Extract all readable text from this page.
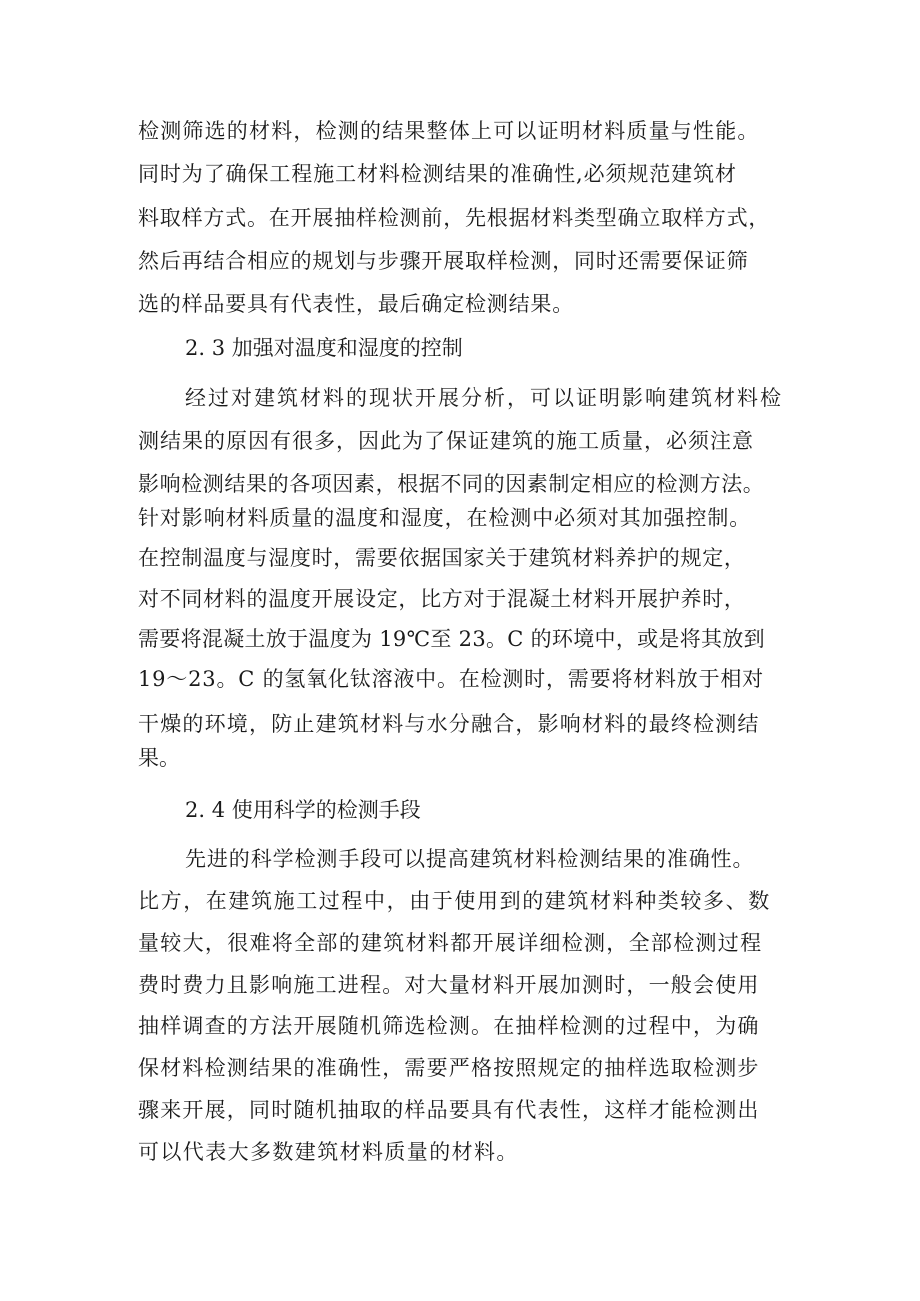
检测筛选的材料，检测的结果整体上可以证明材料质量与性能。
同时为了确保工程施工材料检测结果的准确性,必须规范建筑材
料取样方式。在开展抽样检测前，先根据材料类型确立取样方式，
然后再结合相应的规划与步骤开展取样检测，同时还需要保证筛
选的样品要具有代表性，最后确定检测结果。
2. 3 加强对温度和湿度的控制
经过对建筑材料的现状开展分析，可以证明影响建筑材料检
测结果的原因有很多，因此为了保证建筑的施工质量，必须注意
影响检测结果的各项因素，根据不同的因素制定相应的检测方法。
针对影响材料质量的温度和湿度，在检测中必须对其加强控制。
在控制温度与湿度时，需要依据国家关于建筑材料养护的规定，
对不同材料的温度开展设定，比方对于混凝土材料开展护养时，
需要将混凝土放于温度为 19℃至 23。C 的环境中，或是将其放到
19～23。C 的氢氧化钛溶液中。在检测时，需要将材料放于相对
干燥的环境，防止建筑材料与水分融合，影响材料的最终检测结
果。
2. 4 使用科学的检测手段
先进的科学检测手段可以提高建筑材料检测结果的准确性。
比方，在建筑施工过程中，由于使用到的建筑材料种类较多、数
量较大，很难将全部的建筑材料都开展详细检测，全部检测过程
费时费力且影响施工进程。对大量材料开展加测时，一般会使用
抽样调查的方法开展随机筛选检测。在抽样检测的过程中，为确
保材料检测结果的准确性，需要严格按照规定的抽样选取检测步
骤来开展，同时随机抽取的样品要具有代表性，这样才能检测出
可以代表大多数建筑材料质量的材料。
